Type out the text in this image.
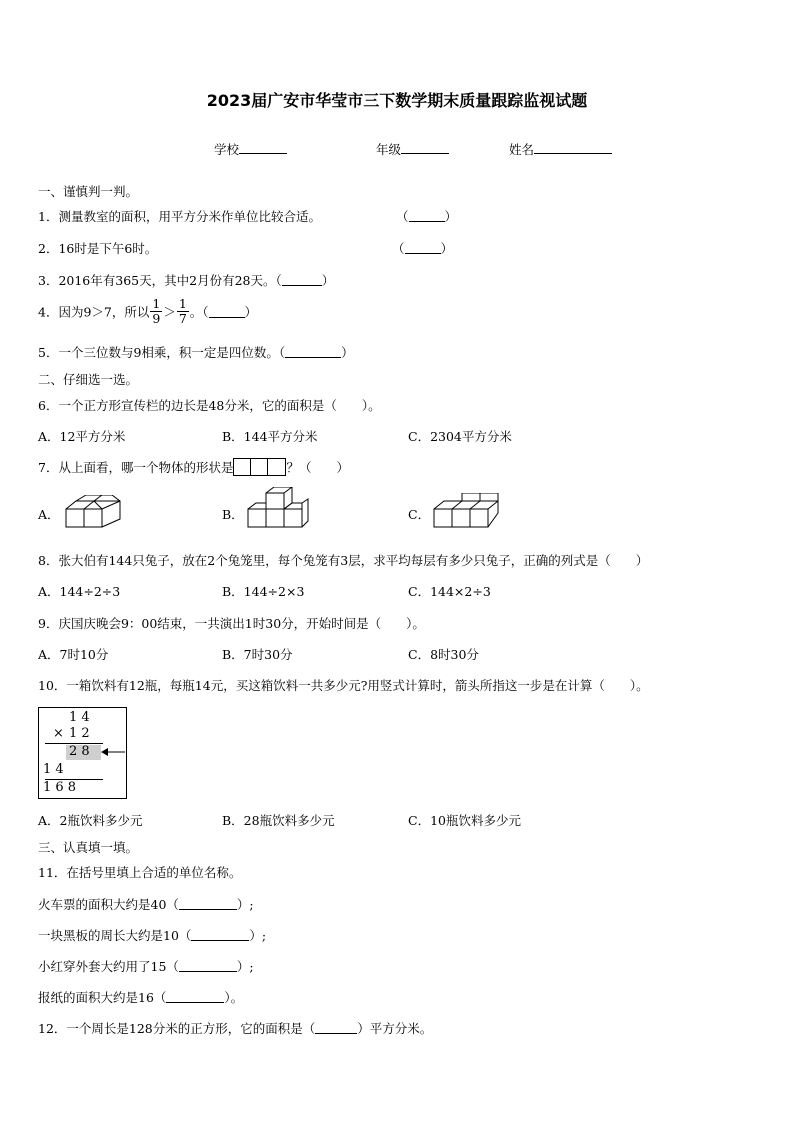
2023届广安市华莹市三下数学期末质量跟踪监视试题
学校	年级	姓名
一、谨慎判一判。
1．测量教室的面积，用平方分米作单位比较合适。	（	）
2．16时是下午6时。	（	）
3．2016年有365天，其中2月份有28天。（	）
4．因为9＞7，所以 $\frac{1}{9} > \frac{1}{7}$ 。（	）
5．一个三位数与9相乘，积一定是四位数。（	）
二、仔细选一选。
6．一个正方形宣传栏的边长是48分米，它的面积是（　　）。
A．12平方分米	B．144平方分米	C．2304平方分米
7．从上面看，哪一个物体的形状是	？（　　）
A．	B．	C．
8．张大伯有144只兔子，放在2个兔笼里，每个兔笼有3层，求平均每层有多少只兔子，正确的列式是（　　）
A．144÷2÷3	B．144÷2×3	C．144×2÷3
9．庆国庆晚会9：00结束，一共演出1时30分，开始时间是（　　）。
A．7时10分	B．7时30分	C．8时30分
10．一箱饮料有12瓶，每瓶14元，买这箱饮料一共多少元?用竖式计算时，箭头所指这一步是在计算（　　）。
1 4
× 1 2
2 8
1 4
1 6 8
A．2瓶饮料多少元	B．28瓶饮料多少元	C．10瓶饮料多少元
三、认真填一填。
11．在括号里填上合适的单位名称。
火车票的面积大约是40（	）;
一块黑板的周长大约是10（	）;
小红穿外套大约用了15（	）;
报纸的面积大约是16（	）。
12．一个周长是128分米的正方形，它的面积是（	）平方分米。
